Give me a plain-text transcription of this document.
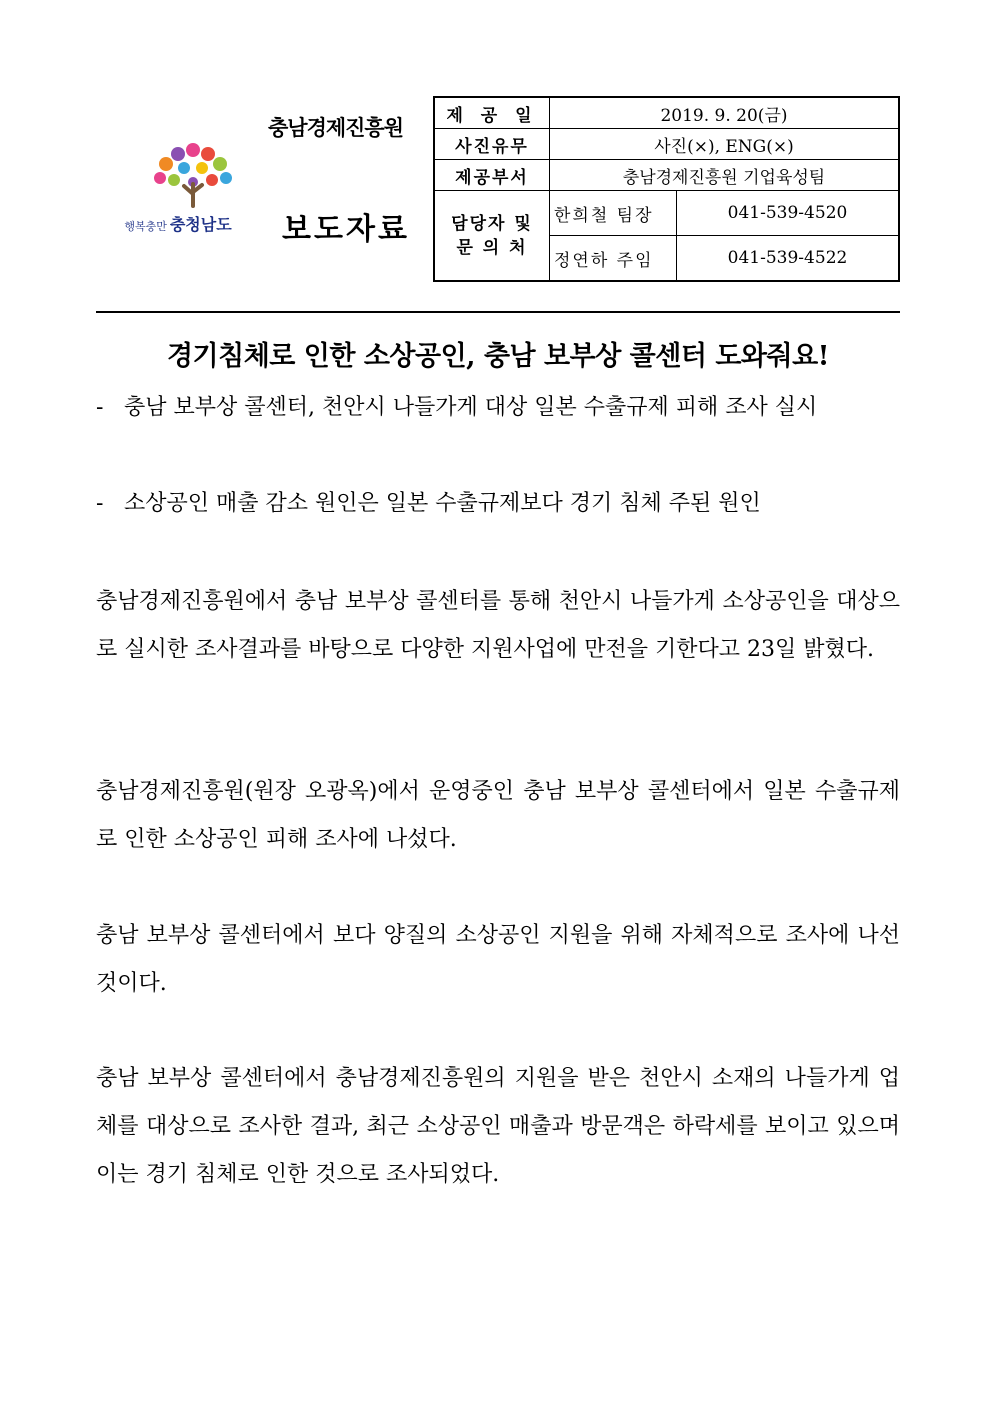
행복충만 충청남도
충남경제진흥원
보도자료
제 공 일	2019. 9. 20(금)	
사진유무	사진(×), ENG(×)	
제공부서	충남경제진흥원 기업육성팀	

담당자 및
문 의 처	한희철 팀장	041-539-4520
	정연하 주임	041-539-4522
경기침체로 인한 소상공인, 충남 보부상 콜센터 도와줘요!
- 충남 보부상 콜센터, 천안시 나들가게 대상 일본 수출규제 피해 조사 실시
- 소상공인 매출 감소 원인은 일본 수출규제보다 경기 침체 주된 원인

충남경제진흥원에서 충남 보부상 콜센터를 통해 천안시 나들가게 소상공인을 대상으로 실시한 조사결과를 바탕으로 다양한 지원사업에 만전을 기한다고 23일 밝혔다.

충남경제진흥원(원장 오광옥)에서 운영중인 충남 보부상 콜센터에서 일본 수출규제로 인한 소상공인 피해 조사에 나섰다.

충남 보부상 콜센터에서 보다 양질의 소상공인 지원을 위해 자체적으로 조사에 나선 것이다.

충남 보부상 콜센터에서 충남경제진흥원의 지원을 받은 천안시 소재의 나들가게 업체를 대상으로 조사한 결과, 최근 소상공인 매출과 방문객은 하락세를 보이고 있으며 이는 경기 침체로 인한 것으로 조사되었다.
